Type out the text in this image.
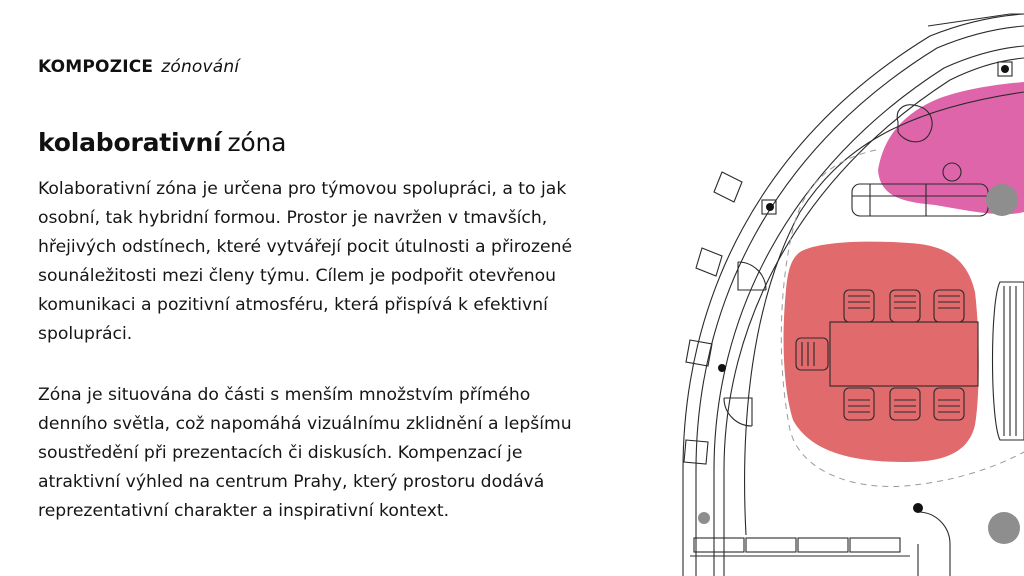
KOMPOZICE zónování
kolaborativní zóna

Kolaborativní zóna je určena pro týmovou spolupráci, a to jak
osobní, tak hybridní formou. Prostor je navržen v tmavších,
hřejivých odstínech, které vytvářejí pocit útulnosti a přirozené
sounáležitosti mezi členy týmu. Cílem je podpořit otevřenou
komunikaci a pozitivní atmosféru, která přispívá k efektivní
spolupráci.

Zóna je situována do části s menším množstvím přímého
denního světla, což napomáhá vizuálnímu zklidnění a lepšímu
soustředění při prezentacích či diskusích. Kompenzací je
atraktivní výhled na centrum Prahy, který prostoru dodává
reprezentativní charakter a inspirativní kontext.
